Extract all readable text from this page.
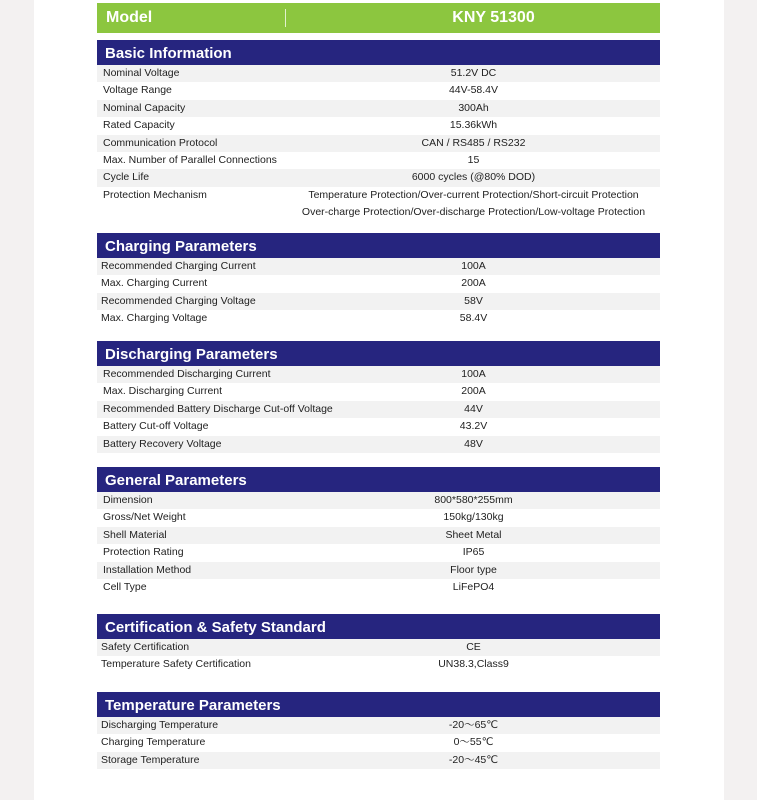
Model	KNY 51300
Basic Information
Nominal Voltage	51.2V DC
Voltage Range	44V-58.4V
Nominal Capacity	300Ah
Rated Capacity	15.36kWh
Communication Protocol	CAN / RS485 / RS232
Max. Number of Parallel Connections	15
Cycle Life	6000 cycles (@80% DOD)
Protection Mechanism	Temperature Protection/Over-current Protection/Short-circuit Protection
Over-charge Protection/Over-discharge Protection/Low-voltage Protection
Charging Parameters
Recommended Charging Current	100A
Max. Charging Current	200A
Recommended Charging Voltage	58V
Max. Charging Voltage	58.4V
Discharging Parameters
Recommended Discharging Current	100A
Max. Discharging Current	200A
Recommended Battery Discharge Cut-off Voltage	44V
Battery Cut-off Voltage	43.2V
Battery Recovery Voltage	48V
General Parameters
Dimension	800*580*255mm
Gross/Net Weight	150kg/130kg
Shell Material	Sheet Metal
Protection Rating	IP65
Installation Method	Floor type
Cell Type	LiFePO4
Certification & Safety Standard
Safety Certification	CE
Temperature Safety Certification	UN38.3,Class9
Temperature Parameters
Discharging Temperature	-20〜65℃
Charging Temperature	0〜55℃
Storage Temperature	-20〜45℃
